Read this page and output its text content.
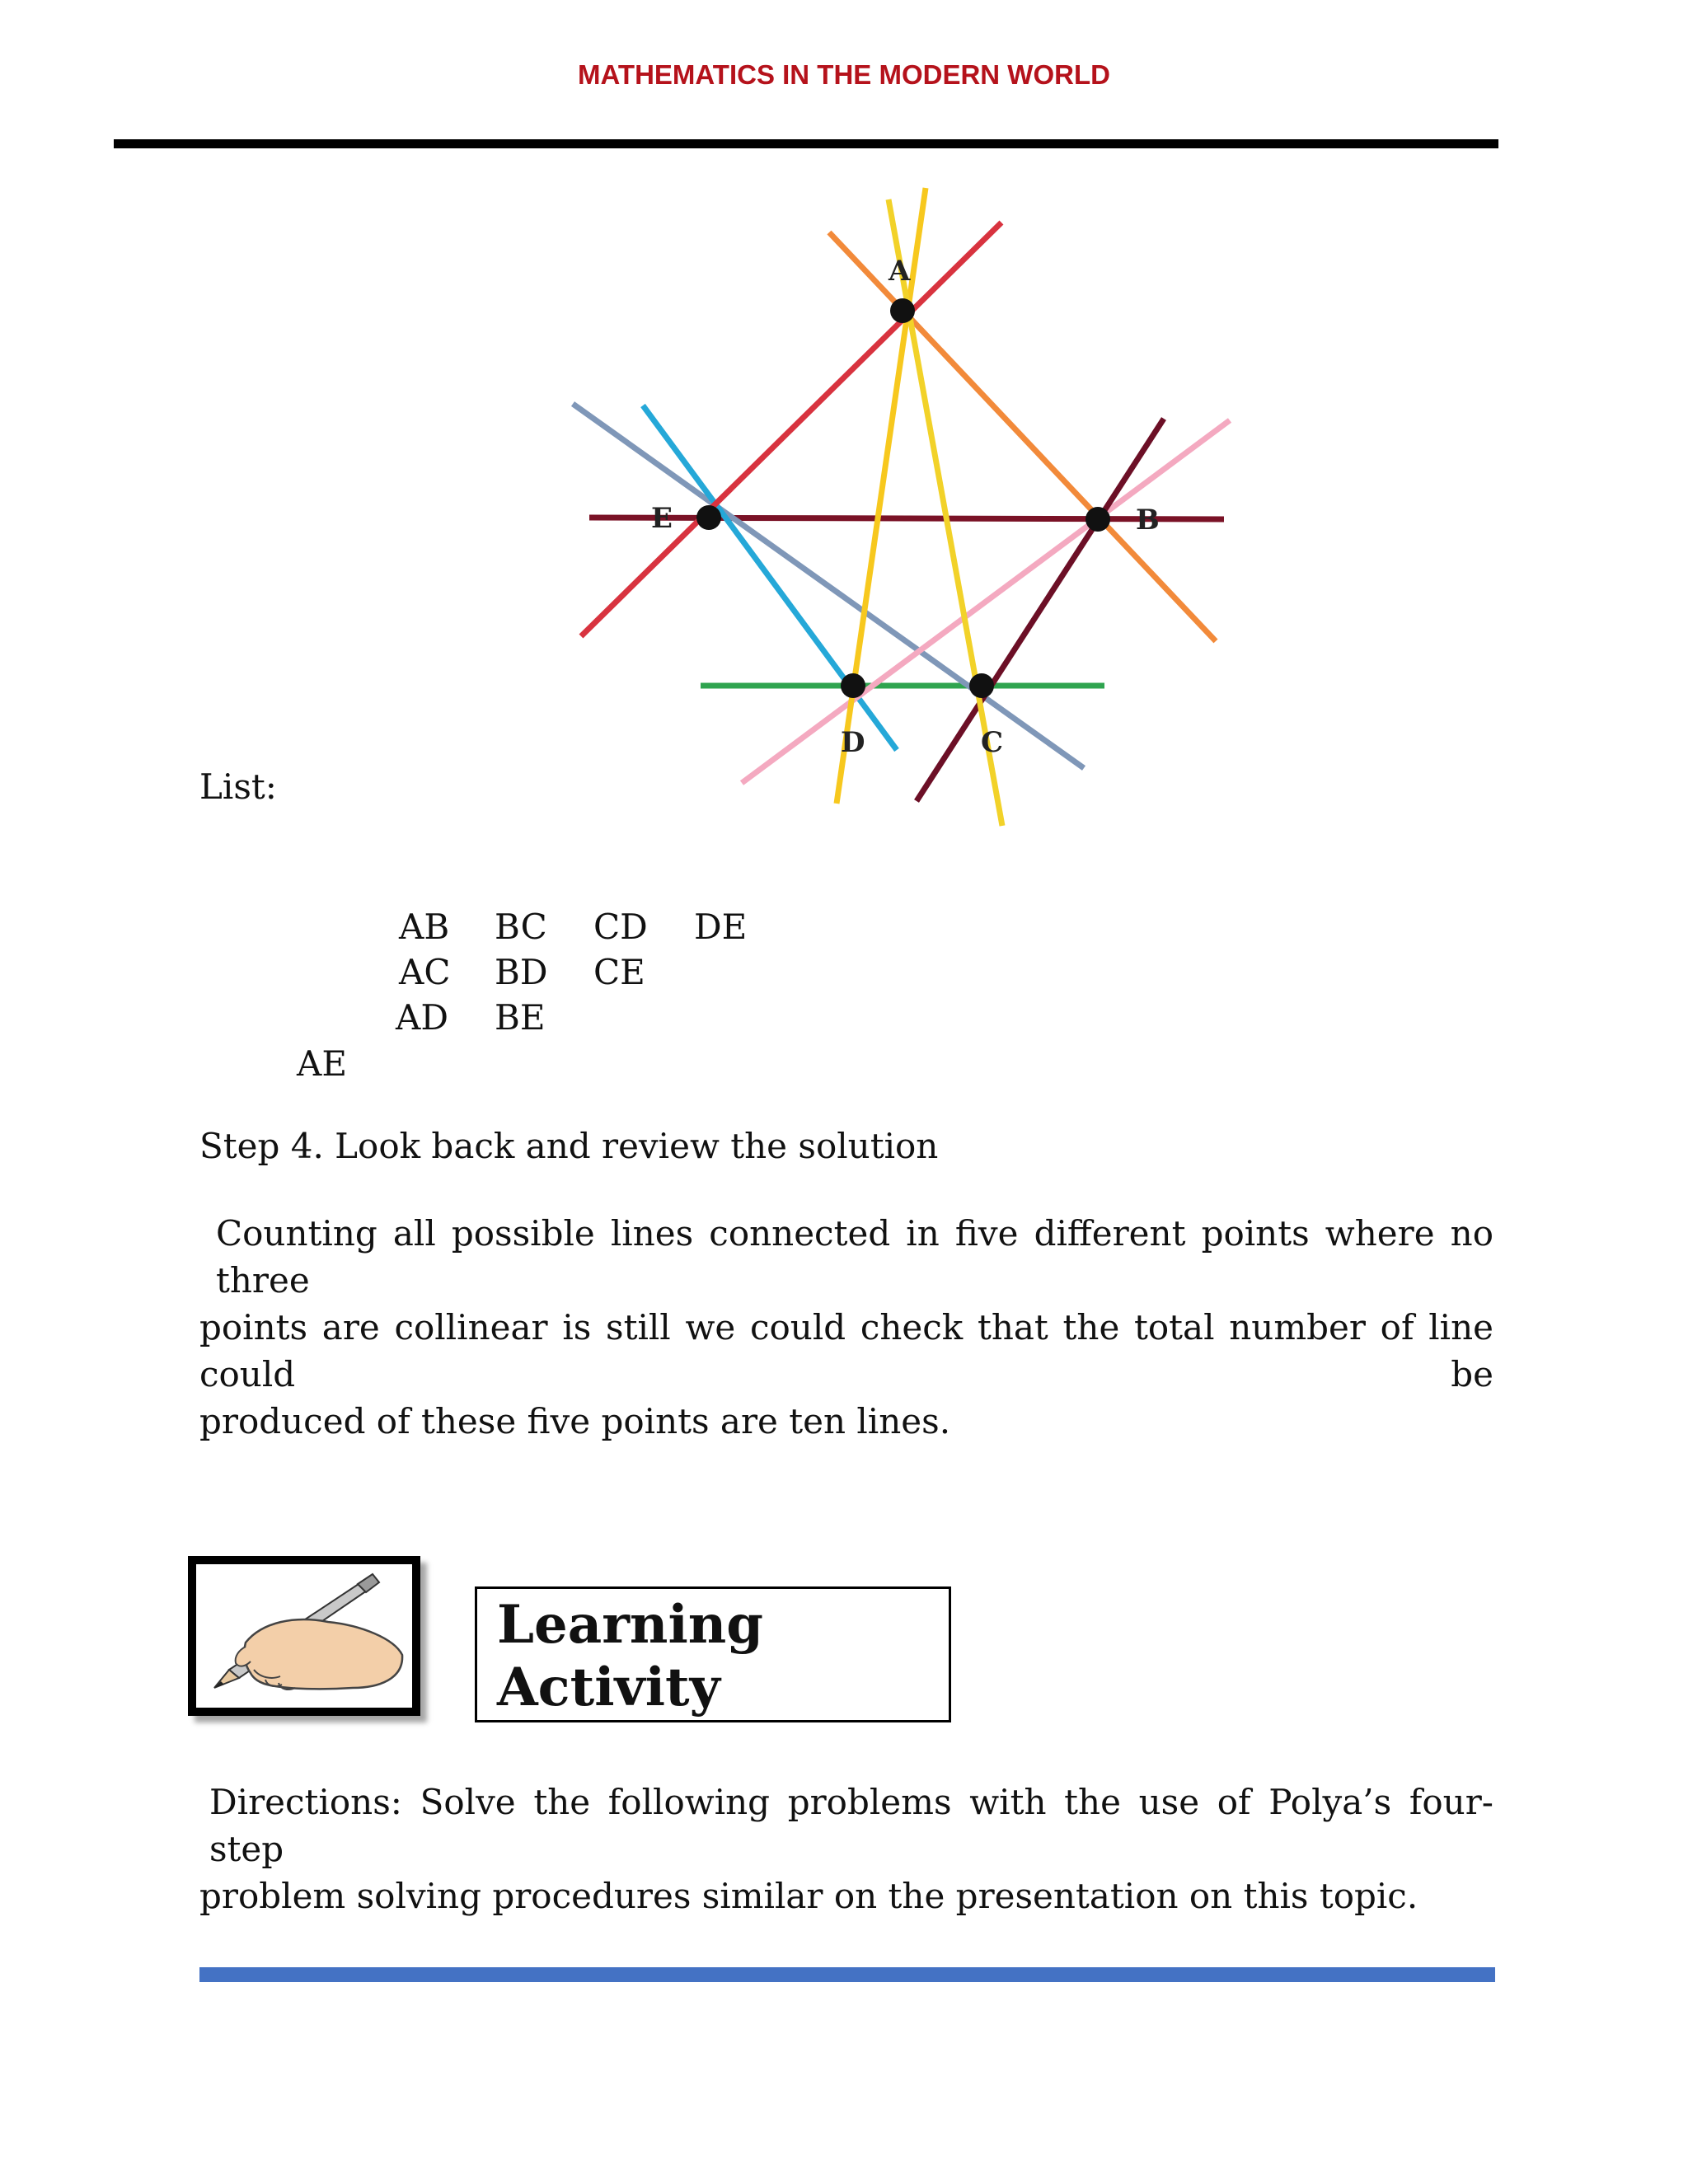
MATHEMATICS IN THE MODERN WORLD
A
E	B
D	C
List:
AB
AC
AD
BC
BD
BE
CD
CE
DE
AE
Step 4. Look back and review the solution
Counting all possible lines connected in five different points where no three
points are collinear is still we could check that the total number of line could be
produced of these five points are ten lines.
Learning
Activity
Directions: Solve the following problems with the use of Polya’s four-step
problem solving procedures similar on the presentation on this topic.
